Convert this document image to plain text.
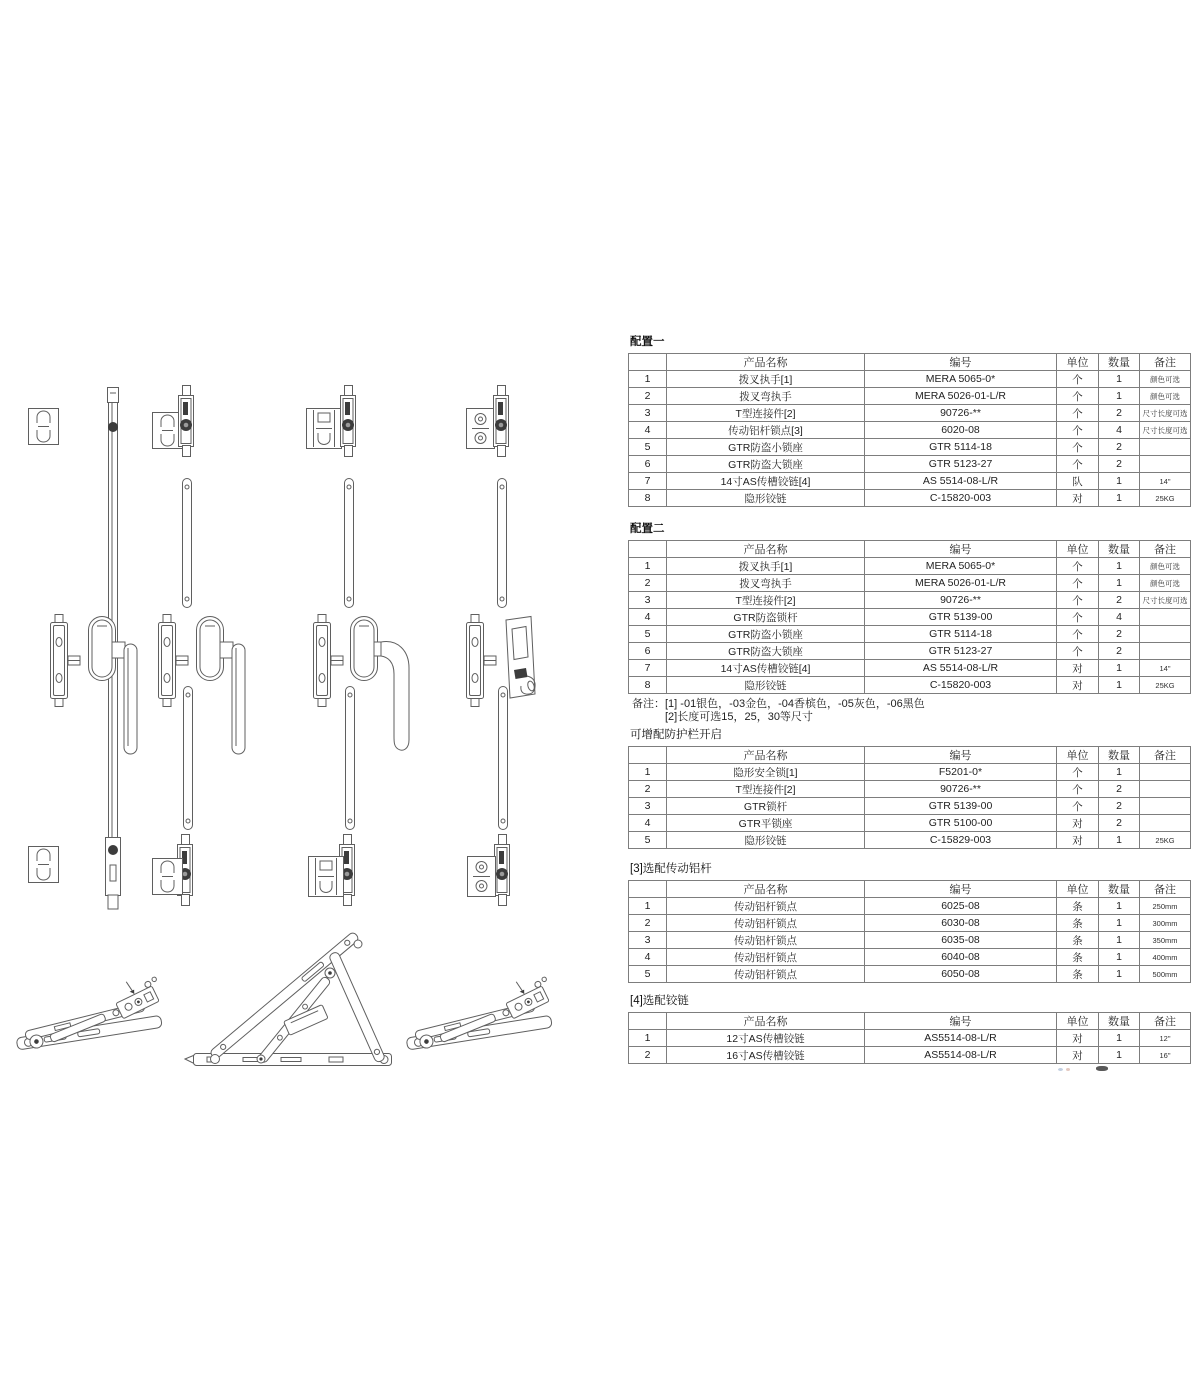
配置一
	产品名称	编号	单位	数量	备注
1	拨叉执手[1]	MERA 5065-0*	个	1	颜色可选
2	拨叉弯执手	MERA 5026-01-L/R	个	1	颜色可选
3	T型连接件[2]	90726-**	个	2	尺寸长度可选
4	传动铝杆锁点[3]	6020-08	个	4	尺寸长度可选
5	GTR防盗小锁座	GTR 5114-18	个	2	
6	GTR防盗大锁座	GTR 5123-27	个	2	
7	14寸AS传槽铰链[4]	AS 5514-08-L/R	队	1	14"
8	隐形铰链	C-15820-003	对	1	25KG
配置二
	产品名称	编号	单位	数量	备注
1	拨叉执手[1]	MERA 5065-0*	个	1	颜色可选
2	拨叉弯执手	MERA 5026-01-L/R	个	1	颜色可选
3	T型连接件[2]	90726-**	个	2	尺寸长度可选
4	GTR防盗锁杆	GTR 5139-00	个	4	
5	GTR防盗小锁座	GTR 5114-18	个	2	
6	GTR防盗大锁座	GTR 5123-27	个	2	
7	14寸AS传槽铰链[4]	AS 5514-08-L/R	对	1	14"
8	隐形铰链	C-15820-003	对	1	25KG
备注：[1] -01银色，-03金色，-04香槟色，-05灰色，-06黑色
[2]长度可选15，25，30等尺寸
可增配防护栏开启
	产品名称	编号	单位	数量	备注
1	隐形安全锁[1]	F5201-0*	个	1	
2	T型连接件[2]	90726-**	个	2	
3	GTR锁杆	GTR 5139-00	个	2	
4	GTR平锁座	GTR 5100-00	对	2	
5	隐形铰链	C-15829-003	对	1	25KG
[3]选配传动铝杆
	产品名称	编号	单位	数量	备注
1	传动铝杆锁点	6025-08	条	1	250mm
2	传动铝杆锁点	6030-08	条	1	300mm
3	传动铝杆锁点	6035-08	条	1	350mm
4	传动铝杆锁点	6040-08	条	1	400mm
5	传动铝杆锁点	6050-08	条	1	500mm
[4]选配铰链
	产品名称	编号	单位	数量	备注
1	12寸AS传槽铰链	AS5514-08-L/R	对	1	12"
2	16寸AS传槽铰链	AS5514-08-L/R	对	1	16"
